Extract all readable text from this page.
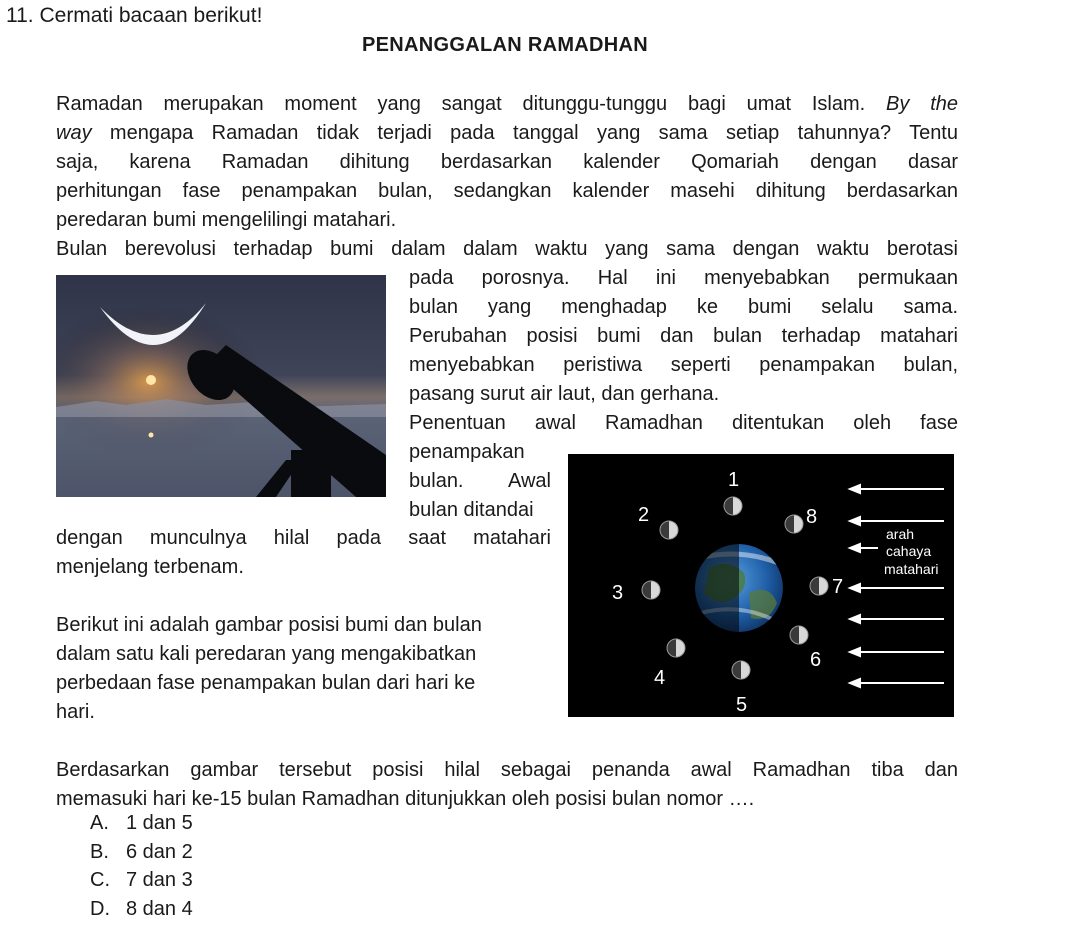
11. Cermati bacaan berikut!
PENANGGALAN RAMADHAN
Ramadan merupakan moment yang sangat ditunggu-tunggu bagi umat Islam. By the
way mengapa Ramadan tidak terjadi pada tanggal yang sama setiap tahunnya? Tentu
saja, karena Ramadan dihitung berdasarkan kalender Qomariah dengan dasar
perhitungan fase penampakan bulan, sedangkan kalender masehi dihitung berdasarkan
peredaran bumi mengelilingi matahari.
Bulan berevolusi terhadap bumi dalam dalam waktu yang sama dengan waktu berotasi
pada porosnya. Hal ini menyebabkan permukaan
bulan yang menghadap ke bumi selalu sama.
Perubahan posisi bumi dan bulan terhadap matahari
menyebabkan peristiwa seperti penampakan bulan,
pasang surut air laut, dan gerhana.
Penentuan awal Ramadhan ditentukan oleh fase
penampakan
bulan. Awal
bulan ditandai
dengan munculnya hilal pada saat matahari
menjelang terbenam.
Berikut ini adalah gambar posisi bumi dan bulan
dalam satu kali peredaran yang mengakibatkan
perbedaan fase penampakan bulan dari hari ke
hari.
Berdasarkan gambar tersebut posisi hilal sebagai penanda awal Ramadhan tiba dan
memasuki hari ke-15 bulan Ramadhan ditunjukkan oleh posisi bulan nomor ….
1
2
3
4
5
6
7
8
arah
cahaya
matahari
A. 1 dan 5
B. 6 dan 2
C. 7 dan 3
D. 8 dan 4
